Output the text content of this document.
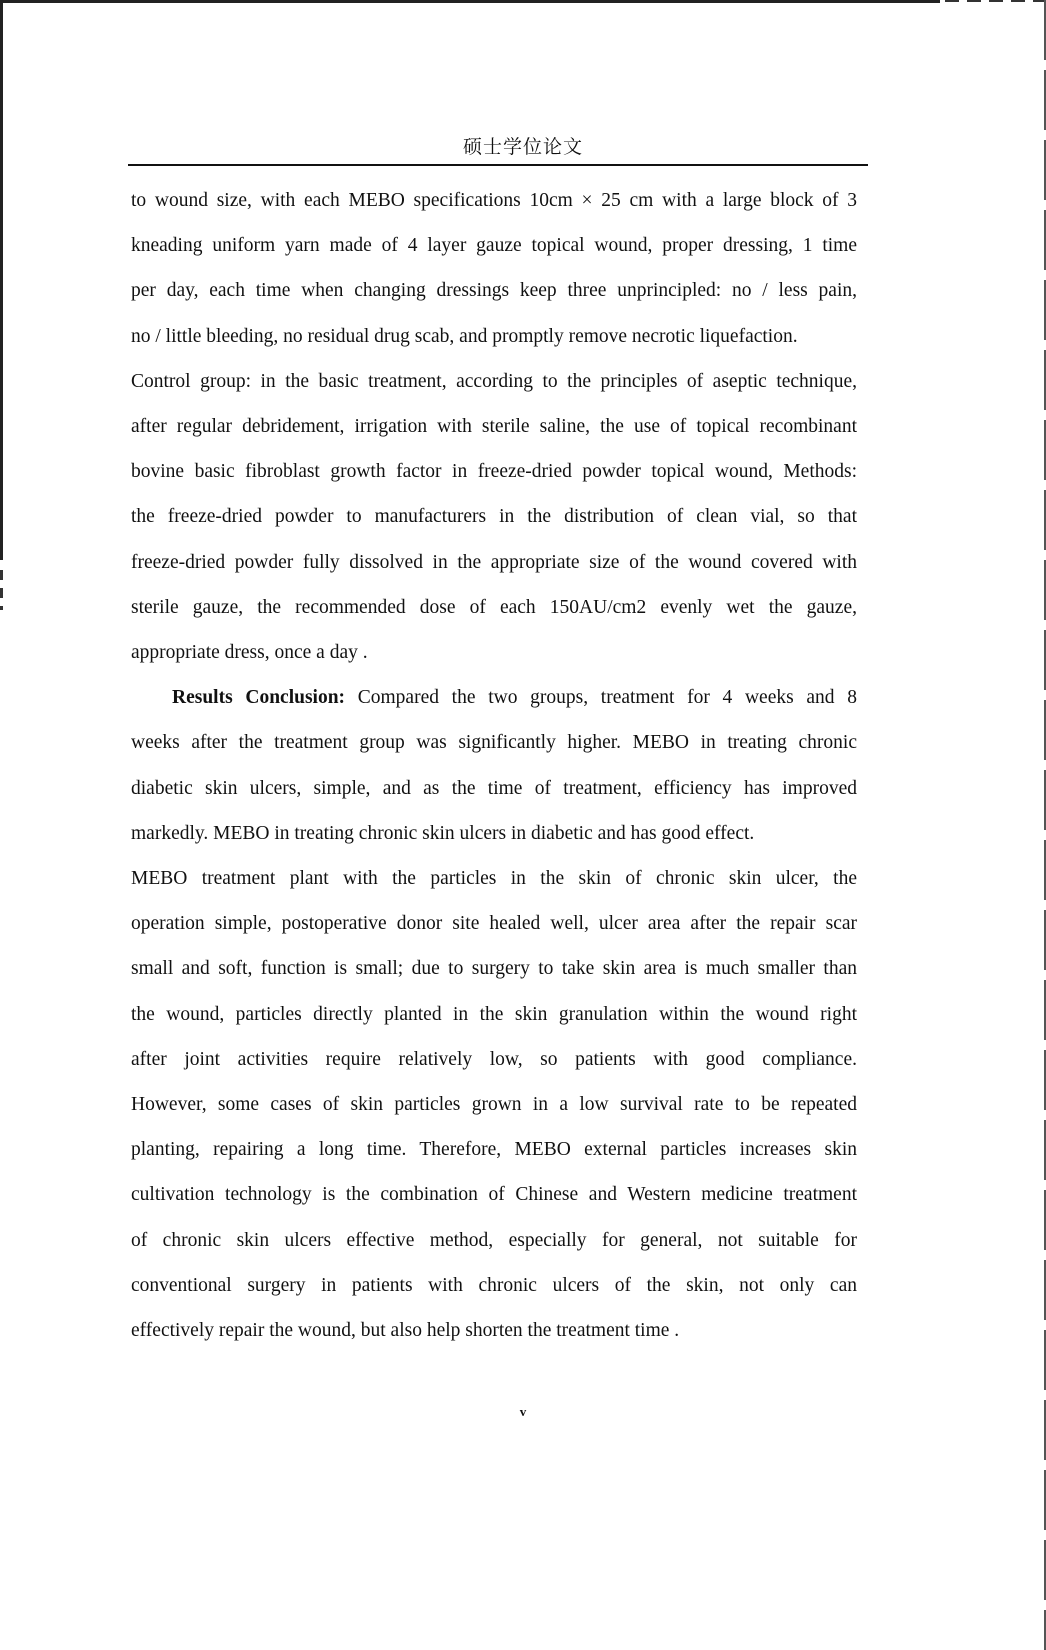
硕士学位论文

to wound size, with each MEBO specifications 10cm × 25 cm with a large block of 3

kneading uniform yarn made of 4 layer gauze topical wound, proper dressing, 1 time

per day, each time when changing dressings keep three unprincipled: no / less pain,

no / little bleeding, no residual drug scab, and promptly remove necrotic liquefaction.

Control group: in the basic treatment, according to the principles of aseptic technique,

after regular debridement, irrigation with sterile saline, the use of topical recombinant

bovine basic fibroblast growth factor in freeze-dried powder topical wound, Methods:

the freeze-dried powder to manufacturers in the distribution of clean vial, so that

freeze-dried powder fully dissolved in the appropriate size of the wound covered with

sterile gauze, the recommended dose of each 150AU/cm2 evenly wet the gauze,

appropriate dress, once a day .

Results Conclusion: Compared the two groups, treatment for 4 weeks and 8

weeks after the treatment group was significantly higher. MEBO in treating chronic

diabetic skin ulcers, simple, and as the time of treatment, efficiency has improved

markedly. MEBO in treating chronic skin ulcers in diabetic and has good effect.

MEBO treatment plant with the particles in the skin of chronic skin ulcer, the

operation simple, postoperative donor site healed well, ulcer area after the repair scar

small and soft, function is small; due to surgery to take skin area is much smaller than

the wound, particles directly planted in the skin granulation within the wound right

after joint activities require relatively low, so patients with good compliance.

However, some cases of skin particles grown in a low survival rate to be repeated

planting, repairing a long time. Therefore, MEBO external particles increases skin

cultivation technology is the combination of Chinese and Western medicine treatment

of chronic skin ulcers effective method, especially for general, not suitable for

conventional surgery in patients with chronic ulcers of the skin, not only can

effectively repair the wound, but also help shorten the treatment time .

v
